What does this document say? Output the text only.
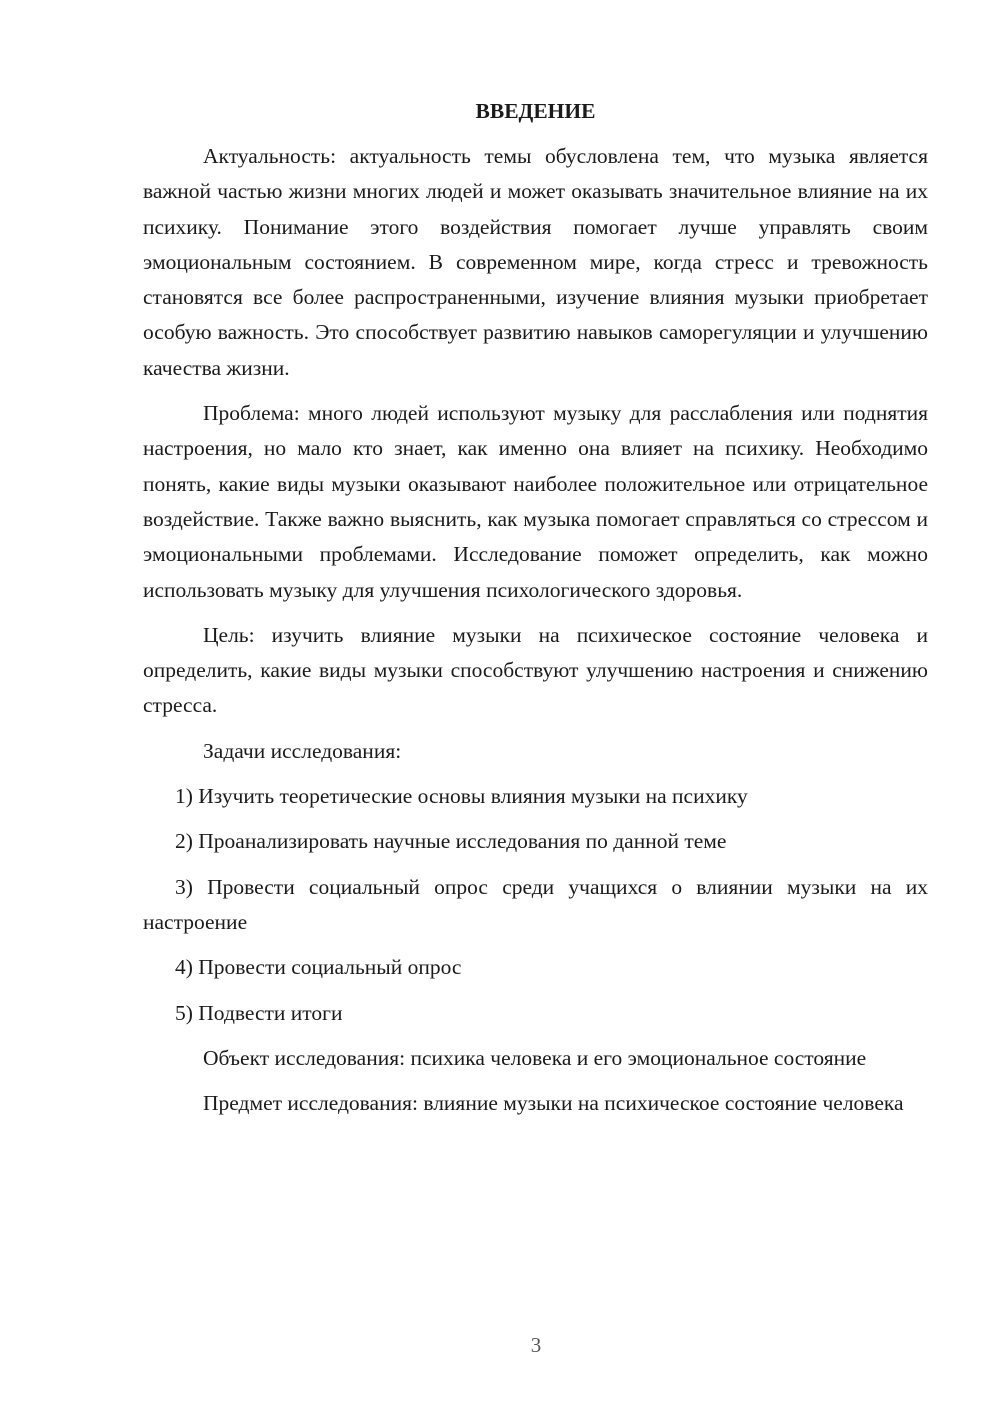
ВВЕДЕНИЕ

Актуальность: актуальность темы обусловлена тем, что музыка является важной частью жизни многих людей и может оказывать значительное влияние на их психику. Понимание этого воздействия помогает лучше управлять своим эмоциональным состоянием. В современном мире, когда стресс и тревожность становятся все более распространенными, изучение влияния музыки приобретает особую важность. Это способствует развитию навыков саморегуляции и улучшению качества жизни.

Проблема: много людей используют музыку для расслабления или поднятия настроения, но мало кто знает, как именно она влияет на психику. Необходимо понять, какие виды музыки оказывают наиболее положительное или отрицательное воздействие. Также важно выяснить, как музыка помогает справляться со стрессом и эмоциональными проблемами. Исследование поможет определить, как можно использовать музыку для улучшения психологического здоровья.

Цель: изучить влияние музыки на психическое состояние человека и определить, какие виды музыки способствуют улучшению настроения и снижению стресса.

Задачи исследования:

1) Изучить теоретические основы влияния музыки на психику

2) Проанализировать научные исследования по данной теме

3) Провести социальный опрос среди учащихся о влиянии музыки на их настроение

4) Провести социальный опрос

5) Подвести итоги

Объект исследования: психика человека и его эмоциональное состояние

Предмет исследования: влияние музыки на психическое состояние человека

3
